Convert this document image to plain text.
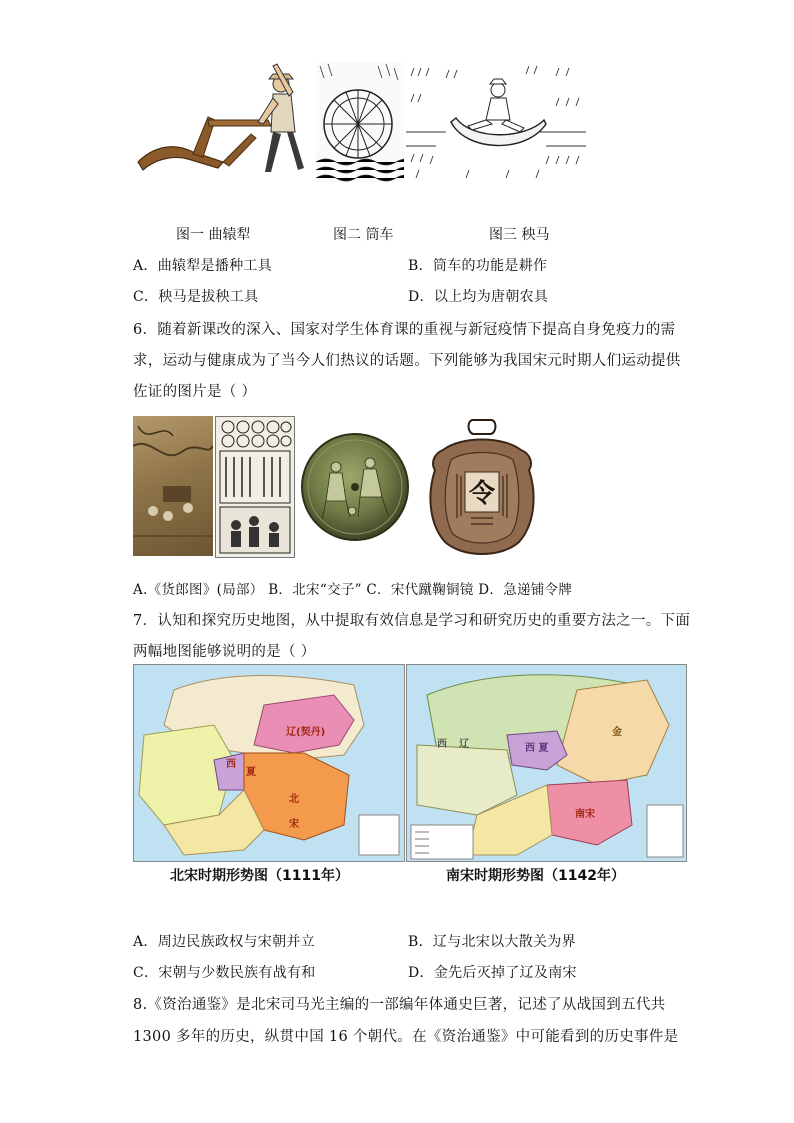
图一 曲辕犁	图二 筒车	图三 秧马
A．曲辕犁是播种工具	B．筒车的功能是耕作
C．秧马是拔秧工具	D．以上均为唐朝农具
6．随着新课改的深入、国家对学生体育课的重视与新冠疫情下提高自身免疫力的需
求，运动与健康成为了当今人们热议的话题。下列能够为我国宋元时期人们运动提供
佐证的图片是（ ）
令
A.《货郎图》(局部） B．北宋“交子” C．宋代蹴鞠铜镜 D．急递铺令牌
7．认知和探究历史地图，从中提取有效信息是学习和研究历史的重要方法之一。下面
两幅地图能够说明的是（ ）
辽(契丹)
西
夏
北
宋
西 夏
南宋
金
西 辽
北宋时期形势图（1111年）	南宋时期形势图（1142年）
A．周边民族政权与宋朝并立	B．辽与北宋以大散关为界
C．宋朝与少数民族有战有和	D．金先后灭掉了辽及南宋
8.《资治通鉴》是北宋司马光主编的一部编年体通史巨著，记述了从战国到五代共
1300 多年的历史，纵贯中国 16 个朝代。在《资治通鉴》中可能看到的历史事件是
